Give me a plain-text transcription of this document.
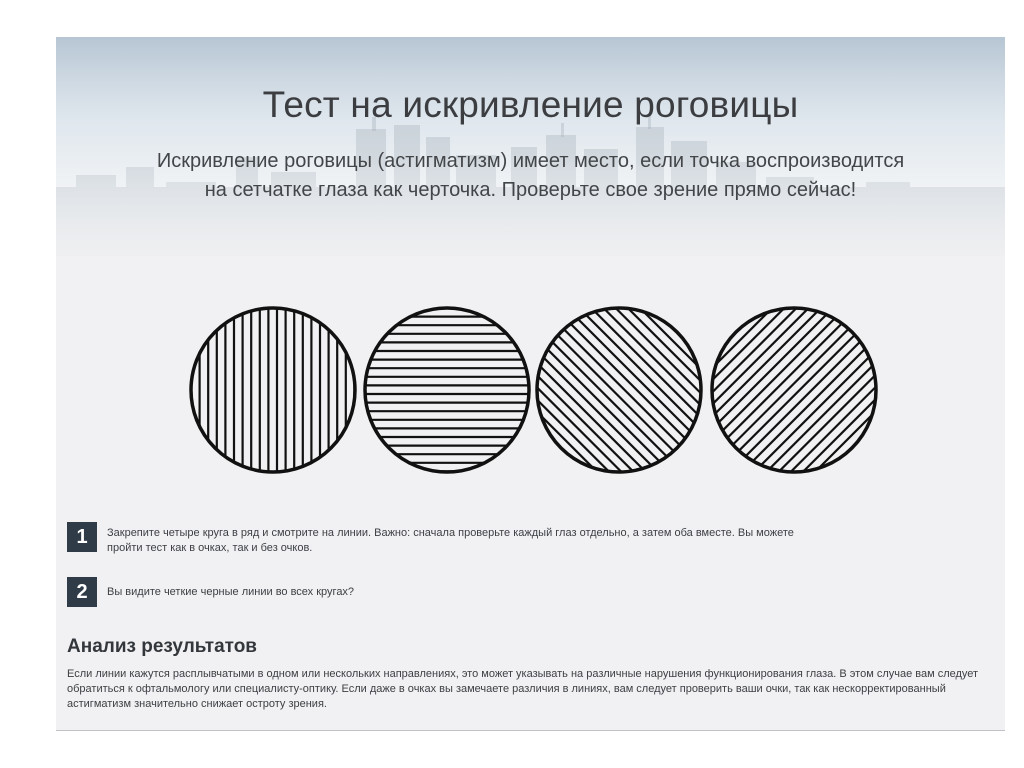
Тест на искривление роговицы
Искривление роговицы (астигматизм) имеет место, если точка воспроизводится на сетчатке глаза как черточка. Проверьте свое зрение прямо сейчас!
1	Закрепите четыре круга в ряд и смотрите на линии. Важно: сначала проверьте каждый глаз отдельно, а затем оба вместе. Вы можете пройти тест как в очках, так и без очков.
2	Вы видите четкие черные линии во всех кругах?
Анализ результатов
Если линии кажутся расплывчатыми в одном или нескольких направлениях, это может указывать на различные нарушения функционирования глаза. В этом случае вам следует обратиться к офтальмологу или специалисту-оптику. Если даже в очках вы замечаете различия в линиях, вам следует проверить ваши очки, так как нескорректированный астигматизм значительно снижает остроту зрения.
